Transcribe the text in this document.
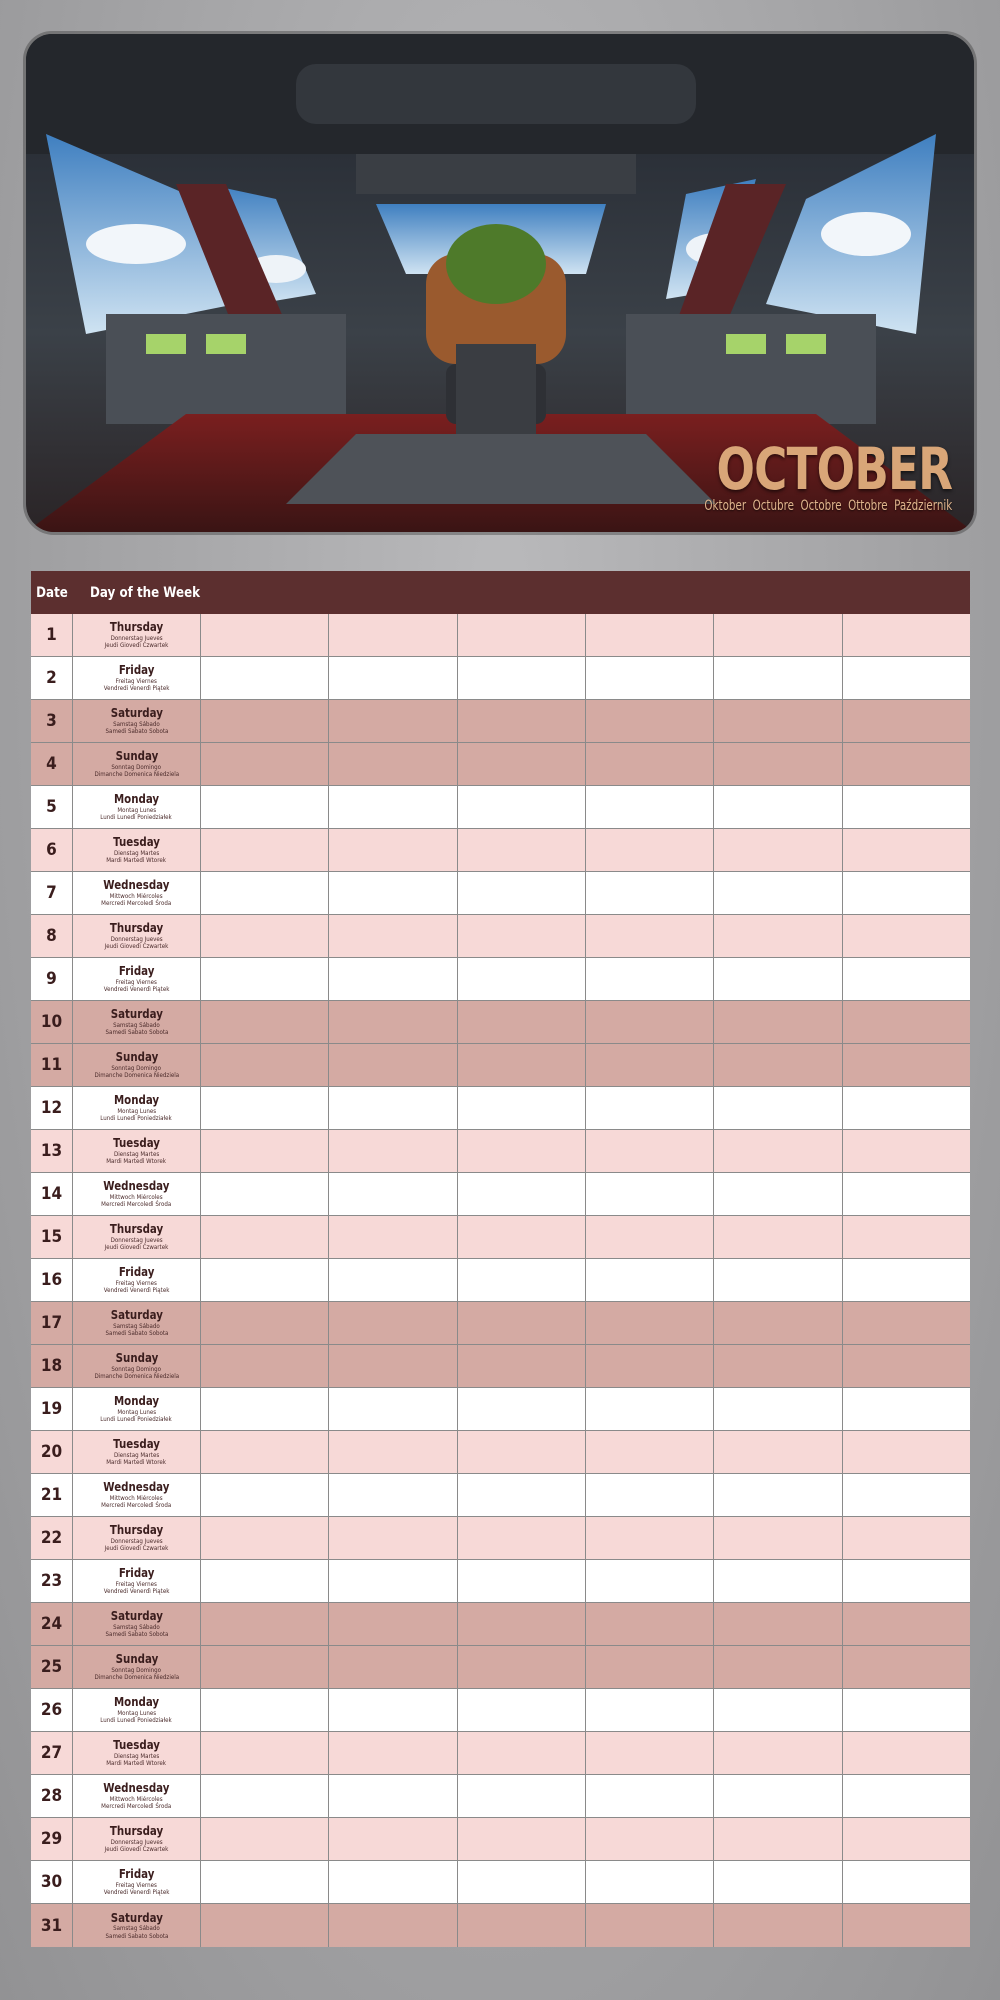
OCTOBER
Oktober Octubre Octobre Ottobre Październik
Date	Day of the Week
1	Thursday
Donnerstag Jueves
Jeudi Giovedì Czwartek
2	Friday
Freitag Viernes
Vendredi Venerdì Piątek
3	Saturday
Samstag Sábado
Samedi Sabato Sobota
4	Sunday
Sonntag Domingo
Dimanche Domenica Niedziela
5	Monday
Montag Lunes
Lundi Lunedì Poniedziałek
6	Tuesday
Dienstag Martes
Mardi Martedì Wtorek
7	Wednesday
Mittwoch Miércoles
Mercredi Mercoledì Środa
8	Thursday
Donnerstag Jueves
Jeudi Giovedì Czwartek
9	Friday
Freitag Viernes
Vendredi Venerdì Piątek
10	Saturday
Samstag Sábado
Samedi Sabato Sobota
11	Sunday
Sonntag Domingo
Dimanche Domenica Niedziela
12	Monday
Montag Lunes
Lundi Lunedì Poniedziałek
13	Tuesday
Dienstag Martes
Mardi Martedì Wtorek
14	Wednesday
Mittwoch Miércoles
Mercredi Mercoledì Środa
15	Thursday
Donnerstag Jueves
Jeudi Giovedì Czwartek
16	Friday
Freitag Viernes
Vendredi Venerdì Piątek
17	Saturday
Samstag Sábado
Samedi Sabato Sobota
18	Sunday
Sonntag Domingo
Dimanche Domenica Niedziela
19	Monday
Montag Lunes
Lundi Lunedì Poniedziałek
20	Tuesday
Dienstag Martes
Mardi Martedì Wtorek
21	Wednesday
Mittwoch Miércoles
Mercredi Mercoledì Środa
22	Thursday
Donnerstag Jueves
Jeudi Giovedì Czwartek
23	Friday
Freitag Viernes
Vendredi Venerdì Piątek
24	Saturday
Samstag Sábado
Samedi Sabato Sobota
25	Sunday
Sonntag Domingo
Dimanche Domenica Niedziela
26	Monday
Montag Lunes
Lundi Lunedì Poniedziałek
27	Tuesday
Dienstag Martes
Mardi Martedì Wtorek
28	Wednesday
Mittwoch Miércoles
Mercredi Mercoledì Środa
29	Thursday
Donnerstag Jueves
Jeudi Giovedì Czwartek
30	Friday
Freitag Viernes
Vendredi Venerdì Piątek
31	Saturday
Samstag Sábado
Samedi Sabato Sobota
